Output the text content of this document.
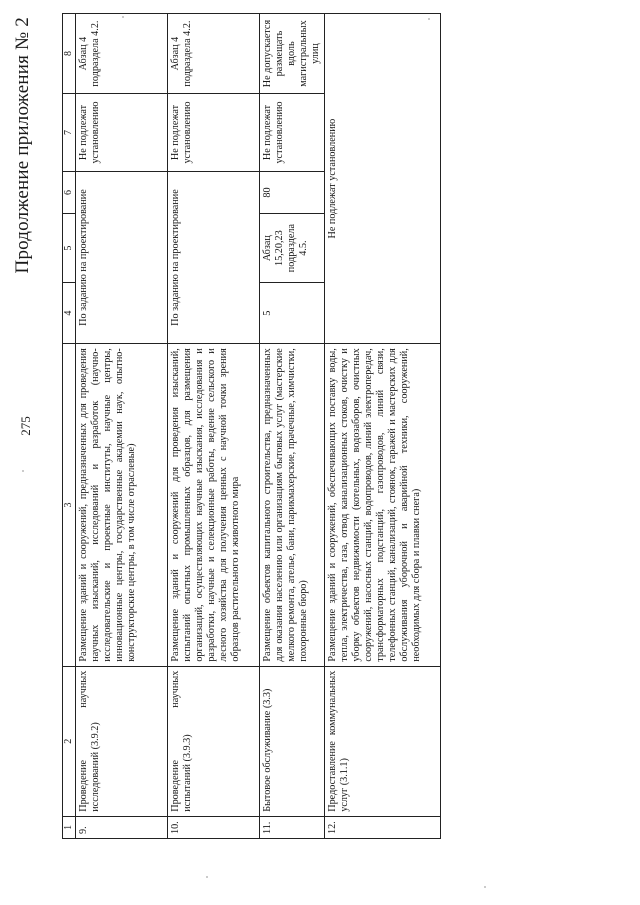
275
Продолжение приложения № 2
1	2	3	4	5	6	7	8
9.	Проведение научных исследований (3.9.2)	Размещение зданий и сооружений, предназначенных для проведения научных изысканий, исследований и разработок (научно-исследовательские и проектные институты, научные центры, инновационные центры, государственные академии наук, опытно-конструкторские центры, в том числе отраслевые)	По заданию на проектирование			Не подлежат установлению	Абзац 4 подраздела 4.2.
10.	Проведение научных испытаний (3.9.3)	Размещение зданий и сооружений для проведения изысканий, испытаний опытных промышленных образцов, для размещения организаций, осуществляющих научные изыскания, исследования и разработки, научные и селекционные работы, ведение сельского и лесного хозяйства для получения ценных с научной точки зрения образцов растительного и животного мира	По заданию на проектирование			Не подлежат установлению	Абзац 4 подраздела 4.2.
11.	Бытовое обслуживание (3.3)	Размещение объектов капитального строительства, предназначенных для оказания населению или организациям бытовых услуг (мастерские мелкого ремонта, ателье, бани, парикмахерские, прачечные, химчистки, похоронные бюро)	5	Абзац 15,20,23 подраздела 4.5.	80	Не подлежат установлению	Не допускается размещать вдоль магистральных улиц
12.	Предоставление коммунальных услуг (3.1.1)	Размещение зданий и сооружений, обеспечивающих поставку воды, тепла, электричества, газа, отвод канализационных стоков, очистку и уборку объектов недвижимости (котельных, водозаборов, очистных сооружений, насосных станций, водопроводов, линий электропередач, трансформаторных подстанций, газопроводов, линий связи, телефонных станций, канализаций, стоянок, гаражей и мастерских для обслуживания уборочной и аварийной техники, сооружений, необходимых для сбора и плавки снега)	Не подлежат установлению				
